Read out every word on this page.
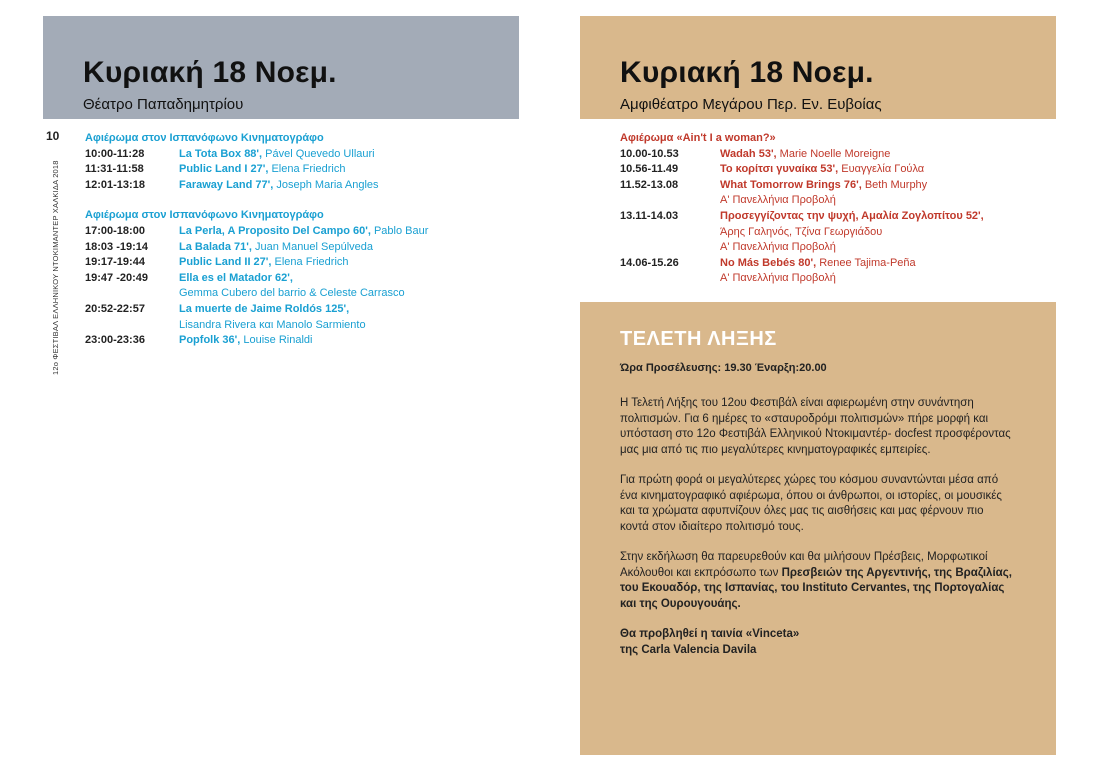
Κυριακή 18 Νοεμ.
Θέατρο Παπαδημητρίου
10
12ο ΦΕΣΤΙΒΑΛ ΕΛΛΗΝΙΚΟΥ ΝΤΟΚΙΜΑΝΤΕΡ ΧΑΛΚΙΔΑ 2018
Αφιέρωμα στον Ισπανόφωνο Κινηματογράφο
10:00-11:28	La Tota Box 88', Pável Quevedo Ullauri
11:31-11:58	Public Land I 27', Elena Friedrich
12:01-13:18	Faraway Land 77', Joseph Maria Angles
Αφιέρωμα στον Ισπανόφωνο Κινηματογράφο
17:00-18:00	La Perla, A Proposito Del Campo 60', Pablo Baur
18:03 -19:14	La Balada 71', Juan Manuel Sepúlveda
19:17-19:44	Public Land II 27', Elena Friedrich
19:47 -20:49	Ella es el Matador 62',
Gemma Cubero del barrio & Celeste Carrasco
20:52-22:57	La muerte de Jaime Roldós 125',
Lisandra Rivera και Manolo Sarmiento
23:00-23:36	Popfolk 36', Louise Rinaldi
Κυριακή 18 Νοεμ.
Αμφιθέατρο Μεγάρου Περ. Εν. Ευβοίας
Αφιέρωμα «Ain't I a woman?»
10.00-10.53	Wadah 53', Marie Noelle Moreigne
10.56-11.49	Το κορίτσι γυναίκα 53', Ευαγγελία Γούλα
11.52-13.08	What Tomorrow Brings 76', Beth Murphy
Α' Πανελλήνια Προβολή
13.11-14.03	Προσεγγίζοντας την ψυχή, Αμαλία Ζογλοπίτου 52',
Άρης Γαληνός, Τζίνα Γεωργιάδου
Α' Πανελλήνια Προβολή
14.06-15.26	No Más Bebés 80', Renee Tajima-Peña
Α' Πανελλήνια Προβολή
ΤΕΛΕΤΗ ΛΗΞΗΣ
Ώρα Προσέλευσης: 19.30 Έναρξη:20.00

Η Τελετή Λήξης του 12ου Φεστιβάλ είναι αφιερωμένη στην συνάντηση πολιτισμών. Για 6 ημέρες το «σταυροδρόμι πολιτισμών» πήρε μορφή και υπόσταση στο 12ο Φεστιβάλ Ελληνικού Ντοκιμαντέρ- docfest προσφέροντας μας μια από τις πιο μεγαλύτερες κινηματογραφικές εμπειρίες.

Για πρώτη φορά οι μεγαλύτερες χώρες του κόσμου συναντώνται μέσα από ένα κινηματογραφικό αφιέρωμα, όπου οι άνθρωποι, οι ιστορίες, οι μουσικές και τα χρώματα αφυπνίζουν όλες μας τις αισθήσεις και μας φέρνουν πιο κοντά στον ιδιαίτερο πολιτισμό τους.

Στην εκδήλωση θα παρευρεθούν και θα μιλήσουν Πρέσβεις, Μορφωτικοί Ακόλουθοι και εκπρόσωπο των Πρεσβειών της Αργεντινής, της Βραζιλίας, του Εκουαδόρ, της Ισπανίας, του Instituto Cervantes, της Πορτογαλίας και της Ουρουγουάης.

Θα προβληθεί η ταινία «Vinceta»
της Carla Valencia Davila
